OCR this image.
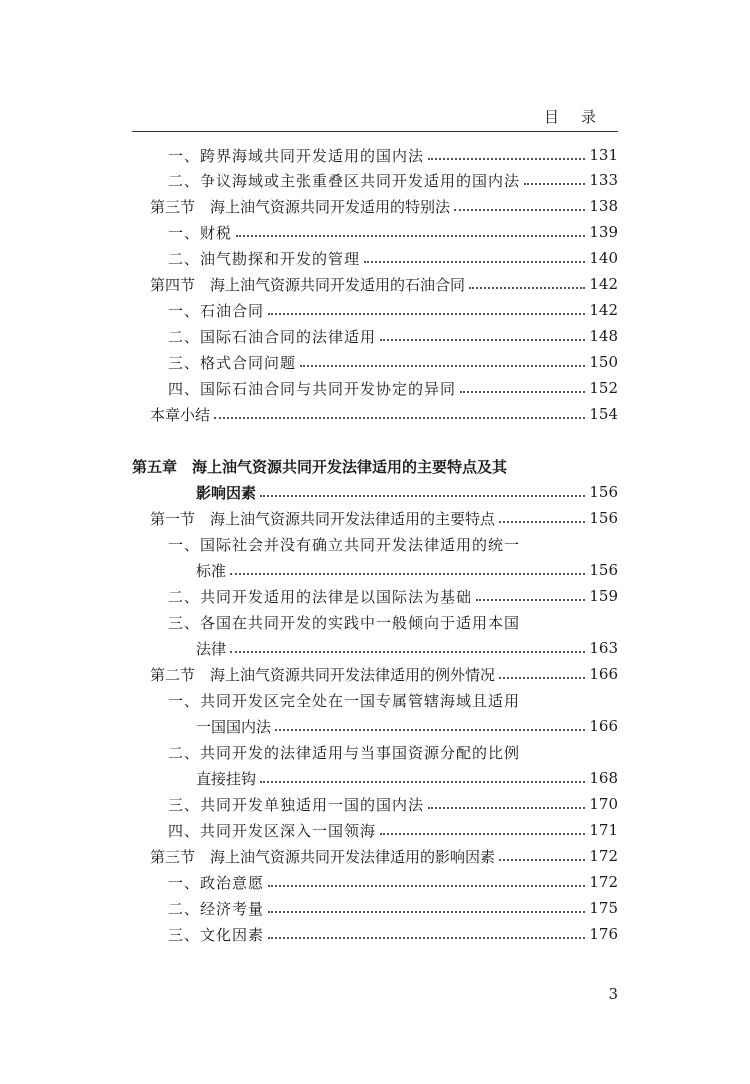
目录
一、跨界海域共同开发适用的国内法	131
二、争议海域或主张重叠区共同开发适用的国内法	133
第三节　海上油气资源共同开发适用的特别法	138
一、财税	139
二、油气勘探和开发的管理	140
第四节　海上油气资源共同开发适用的石油合同	142
一、石油合同	142
二、国际石油合同的法律适用	148
三、格式合同问题	150
四、国际石油合同与共同开发协定的异同	152
本章小结	154
第五章　海上油气资源共同开发法律适用的主要特点及其
影响因素	156
第一节　海上油气资源共同开发法律适用的主要特点	156
一、国际社会并没有确立共同开发法律适用的统一
标准	156
二、共同开发适用的法律是以国际法为基础	159
三、各国在共同开发的实践中一般倾向于适用本国
法律	163
第二节　海上油气资源共同开发法律适用的例外情况	166
一、共同开发区完全处在一国专属管辖海域且适用
一国国内法	166
二、共同开发的法律适用与当事国资源分配的比例
直接挂钩	168
三、共同开发单独适用一国的国内法	170
四、共同开发区深入一国领海	171
第三节　海上油气资源共同开发法律适用的影响因素	172
一、政治意愿	172
二、经济考量	175
三、文化因素	176
3
